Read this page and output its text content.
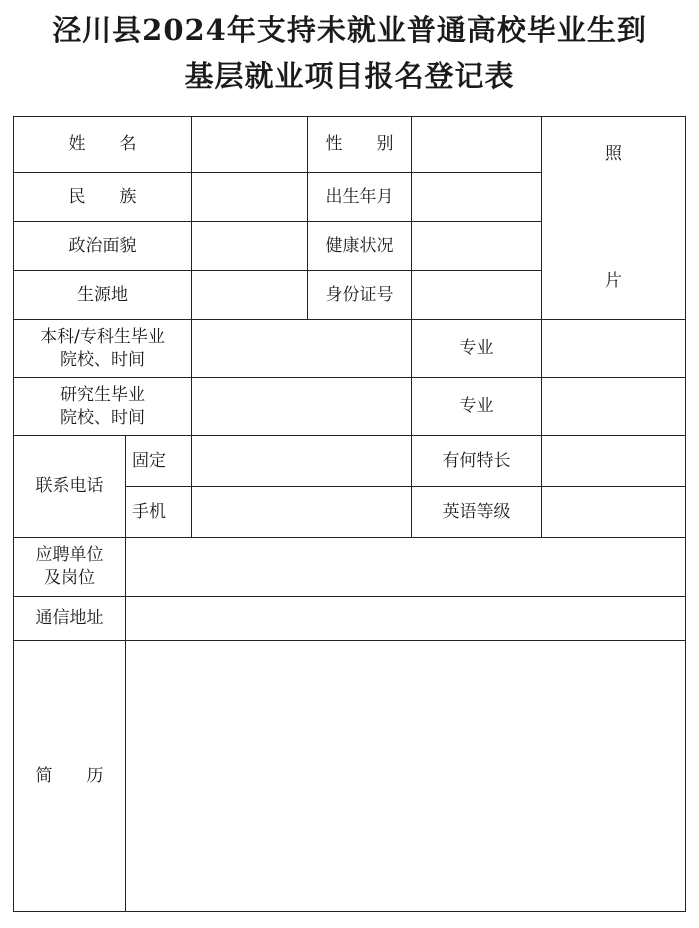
泾川县2024年支持未就业普通高校毕业生到
基层就业项目报名登记表
姓　　名			性　　别		照
片

民　　族			出生年月		
政治面貌			健康状况		
生源地			身份证号		

本科/专科生毕业
院校、时间				专业	

研究生毕业
院校、时间				专业	
联系电话	固定			有何特长	
	手机			英语等级	

应聘单位
及岗位					

通信地址					
简　　历					
